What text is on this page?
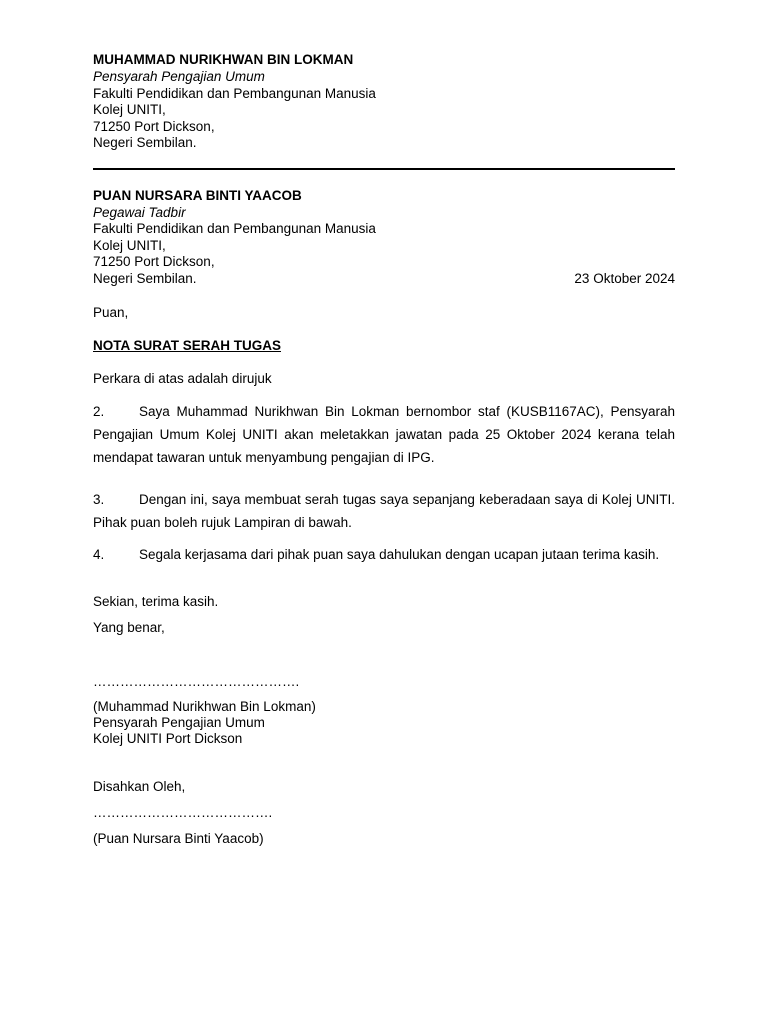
MUHAMMAD NURIKHWAN BIN LOKMAN
Pensyarah Pengajian Umum
Fakulti Pendidikan dan Pembangunan Manusia
Kolej UNITI,
71250 Port Dickson,
Negeri Sembilan.
PUAN NURSARA BINTI YAACOB
Pegawai Tadbir
Fakulti Pendidikan dan Pembangunan Manusia
Kolej UNITI,
71250 Port Dickson,
Negeri Sembilan.	23 Oktober 2024
Puan,
NOTA SURAT SERAH TUGAS
Perkara di atas adalah dirujuk
2.	Saya Muhammad Nurikhwan Bin Lokman bernombor staf (KUSB1167AC), Pensyarah Pengajian Umum Kolej UNITI akan meletakkan jawatan pada 25 Oktober 2024 kerana telah mendapat tawaran untuk menyambung pengajian di IPG.
3.	Dengan ini, saya membuat serah tugas saya sepanjang keberadaan saya di Kolej UNITI. Pihak puan boleh rujuk Lampiran di bawah.
4.	Segala kerjasama dari pihak puan saya dahulukan dengan ucapan jutaan terima kasih.
Sekian, terima kasih.
Yang benar,
……………………………………….
(Muhammad Nurikhwan Bin Lokman)
Pensyarah Pengajian Umum
Kolej UNITI Port Dickson
Disahkan Oleh,
………………………………….
(Puan Nursara Binti Yaacob)
